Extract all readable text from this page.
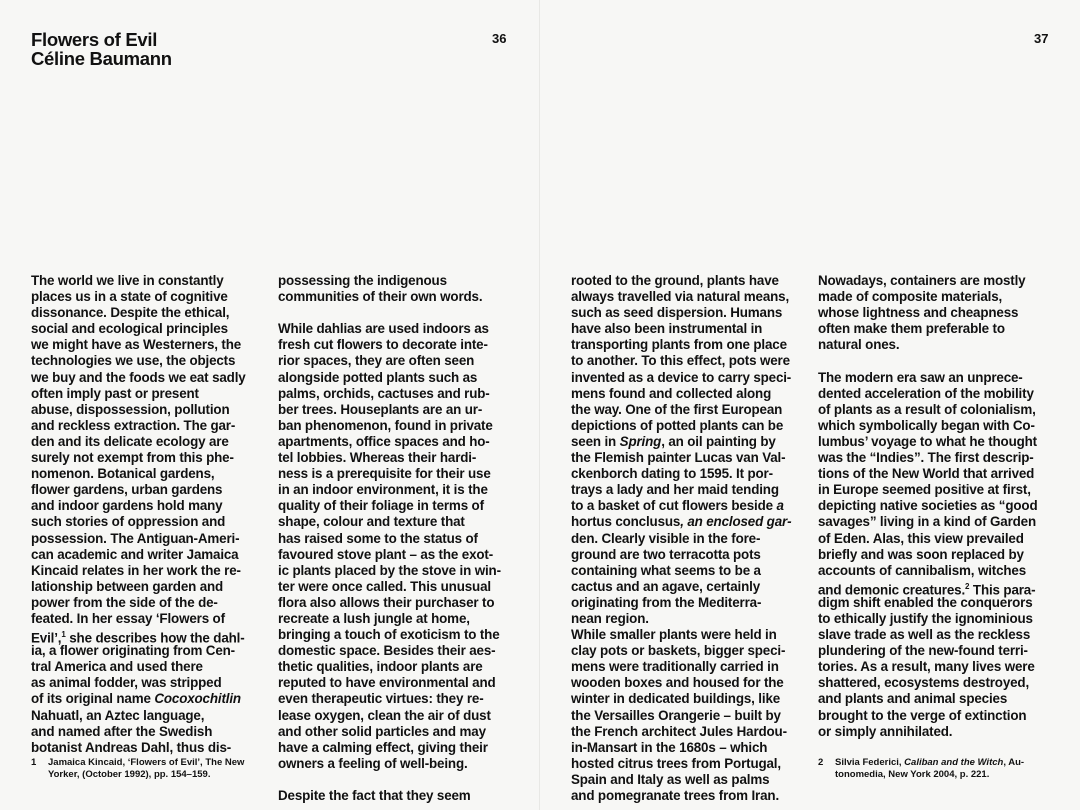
Flowers of Evil
Céline Baumann
36	37
The world we live in constantly
places us in a state of cognitive
dissonance. Despite the ethical,
social and ecological principles
we might have as Westerners, the
technologies we use, the objects
we buy and the foods we eat sadly
often imply past or present
abuse, dispossession, pollution
and reckless extraction. The gar-
den and its delicate ecology are
surely not exempt from this phe-
nomenon. Botanical gardens,
flower gardens, urban gardens
and indoor gardens hold many
such stories of oppression and
possession. The Antiguan-Ameri-
can academic and writer Jamaica
Kincaid relates in her work the re-
lationship between garden and
power from the side of the de-
feated. In her essay ‘Flowers of
Evil’,$^1$ she describes how the dahl-
ia, a flower originating from Cen-
tral America and used there
as animal fodder, was stripped
of its original name Cocoxochitlin
Nahuatl, an Aztec language,
and named after the Swedish
botanist Andreas Dahl, thus dis-
possessing the indigenous
communities of their own words.
While dahlias are used indoors as
fresh cut flowers to decorate inte-
rior spaces, they are often seen
alongside potted plants such as
palms, orchids, cactuses and rub-
ber trees. Houseplants are an ur-
ban phenomenon, found in private
apartments, office spaces and ho-
tel lobbies. Whereas their hardi-
ness is a prerequisite for their use
in an indoor environment, it is the
quality of their foliage in terms of
shape, colour and texture that
has raised some to the status of
favoured stove plant – as the exot-
ic plants placed by the stove in win-
ter were once called. This unusual
flora also allows their purchaser to
recreate a lush jungle at home,
bringing a touch of exoticism to the
domestic space. Besides their aes-
thetic qualities, indoor plants are
reputed to have environmental and
even therapeutic virtues: they re-
lease oxygen, clean the air of dust
and other solid particles and may
have a calming effect, giving their
owners a feeling of well-being.
Despite the fact that they seem
rooted to the ground, plants have
always travelled via natural means,
such as seed dispersion. Humans
have also been instrumental in
transporting plants from one place
to another. To this effect, pots were
invented as a device to carry speci-
mens found and collected along
the way. One of the first European
depictions of potted plants can be
seen in Spring, an oil painting by
the Flemish painter Lucas van Val-
ckenborch dating to 1595. It por-
trays a lady and her maid tending
to a basket of cut flowers beside a
hortus conclusus, an enclosed gar-
den. Clearly visible in the fore-
ground are two terracotta pots
containing what seems to be a
cactus and an agave, certainly
originating from the Mediterra-
nean region.
While smaller plants were held in
clay pots or baskets, bigger speci-
mens were traditionally carried in
wooden boxes and housed for the
winter in dedicated buildings, like
the Versailles Orangerie – built by
the French architect Jules Hardou-
in-Mansart in the 1680s – which
hosted citrus trees from Portugal,
Spain and Italy as well as palms
and pomegranate trees from Iran.
Nowadays, containers are mostly
made of composite materials,
whose lightness and cheapness
often make them preferable to
natural ones.
The modern era saw an unprece-
dented acceleration of the mobility
of plants as a result of colonialism,
which symbolically began with Co-
lumbus’ voyage to what he thought
was the “Indies”. The first descrip-
tions of the New World that arrived
in Europe seemed positive at first,
depicting native societies as “good
savages” living in a kind of Garden
of Eden. Alas, this view prevailed
briefly and was soon replaced by
accounts of cannibalism, witches
and demonic creatures.$^2$ This para-
digm shift enabled the conquerors
to ethically justify the ignominious
slave trade as well as the reckless
plundering of the new-found terri-
tories. As a result, many lives were
shattered, ecosystems destroyed,
and plants and animal species
brought to the verge of extinction
or simply annihilated.
1	Jamaica Kincaid, ‘Flowers of Evil’, The New
Yorker, (October 1992), pp. 154–159.
2	Silvia Federici, Caliban and the Witch, Au-
tonomedia, New York 2004, p. 221.
